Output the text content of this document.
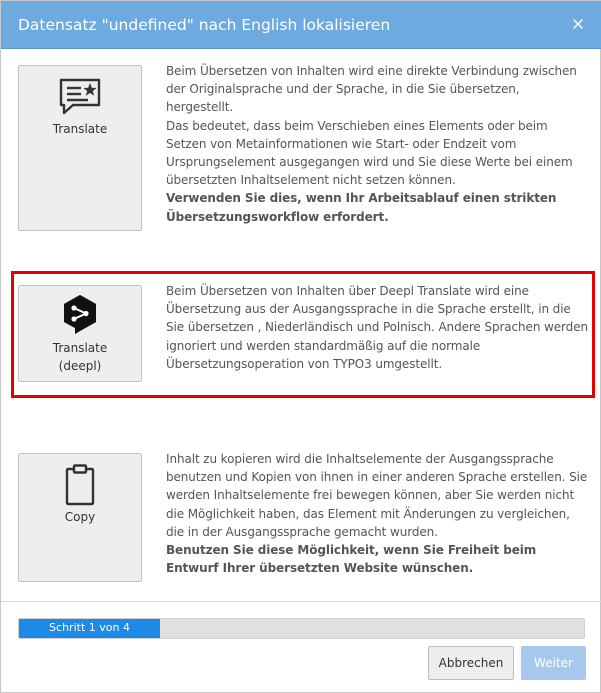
Datensatz "undefined" nach English lokalisieren
Translate

Beim Übersetzen von Inhalten wird eine direkte Verbindung zwischen der Originalsprache und der Sprache, in die Sie übersetzen, hergestellt.

Das bedeutet, dass beim Verschieben eines Elements oder beim Setzen von Metainformationen wie Start- oder Endzeit vom Ursprungselement ausgegangen wird und Sie diese Werte bei einem übersetzten Inhaltselement nicht setzen können.

Verwenden Sie dies, wenn Ihr Arbeitsablauf einen strikten Übersetzungsworkflow erfordert.

Translate
(deepl)

Beim Übersetzen von Inhalten über Deepl Translate wird eine Übersetzung aus der Ausgangssprache in die Sprache erstellt, in die Sie übersetzen , Niederländisch und Polnisch. Andere Sprachen werden ignoriert und werden standardmäßig auf die normale Übersetzungsoperation von TYPO3 umgestellt.

Copy

Inhalt zu kopieren wird die Inhaltselemente der Ausgangssprache benutzen und Kopien von ihnen in einer anderen Sprache erstellen. Sie werden Inhaltselemente frei bewegen können, aber Sie werden nicht die Möglichkeit haben, das Element mit Änderungen zu vergleichen, die in der Ausgangssprache gemacht wurden.

Benutzen Sie diese Möglichkeit, wenn Sie Freiheit beim Entwurf Ihrer übersetzten Website wünschen.

Schritt 1 von 4
Abbrechen	Weiter
